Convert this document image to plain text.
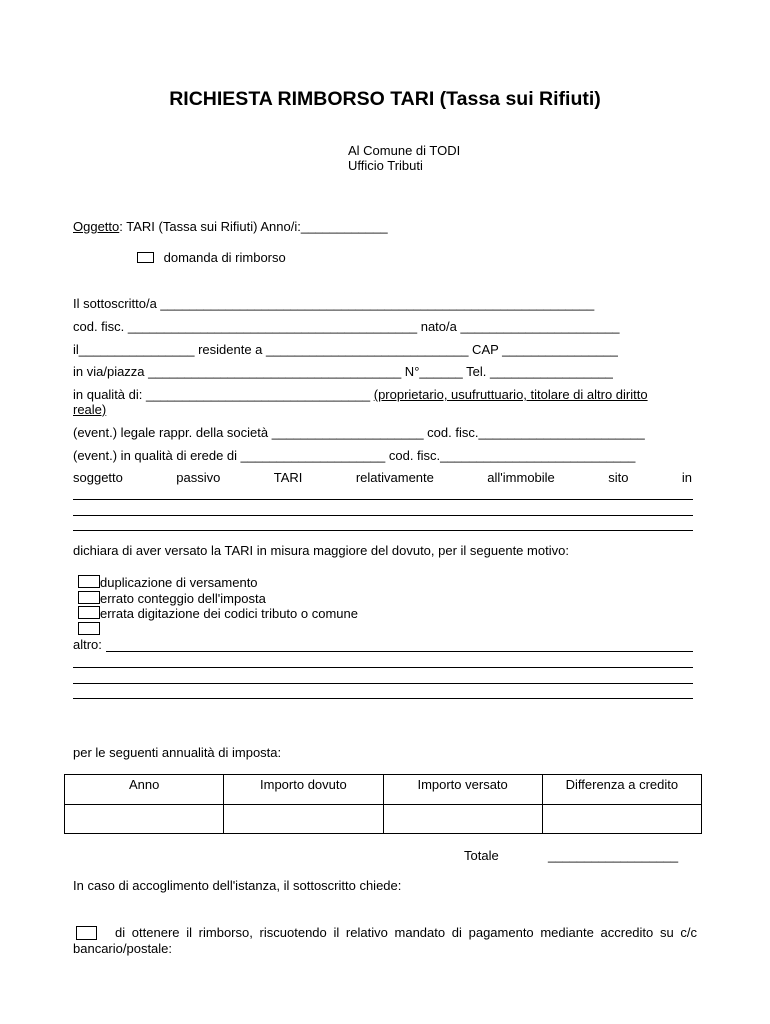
RICHIESTA RIMBORSO TARI (Tassa sui Rifiuti)
Al Comune di TODI
Ufficio Tributi
Oggetto: TARI (Tassa sui Rifiuti) Anno/i:____________
domanda di rimborso
Il sottoscritto/a ____________________________________________________________
cod. fisc. ________________________________________ nato/a ______________________
il________________ residente a ____________________________ CAP ________________
in via/piazza ___________________________________ N°______ Tel. _________________
in qualità di: _______________________________ (proprietario, usufruttuario, titolare di altro diritto
reale)
(event.) legale rappr. della società _____________________ cod. fisc._______________________
(event.) in qualità di erede di ____________________ cod. fisc.___________________________
soggetto	passivo	TARI	relativamente	all'immobile	sito	in
dichiara di aver versato la TARI in misura maggiore del dovuto, per il seguente motivo:
duplicazione di versamento
errato conteggio dell'imposta
errata digitazione dei codici tributo o comune
altro:
per le seguenti annualità di imposta:
Anno	Importo dovuto	Importo versato	Differenza a credito

Totale	__________________
In caso di accoglimento dell'istanza, il sottoscritto chiede:
di ottenere il rimborso, riscuotendo il relativo mandato di pagamento mediante accredito su c/c bancario/postale:
